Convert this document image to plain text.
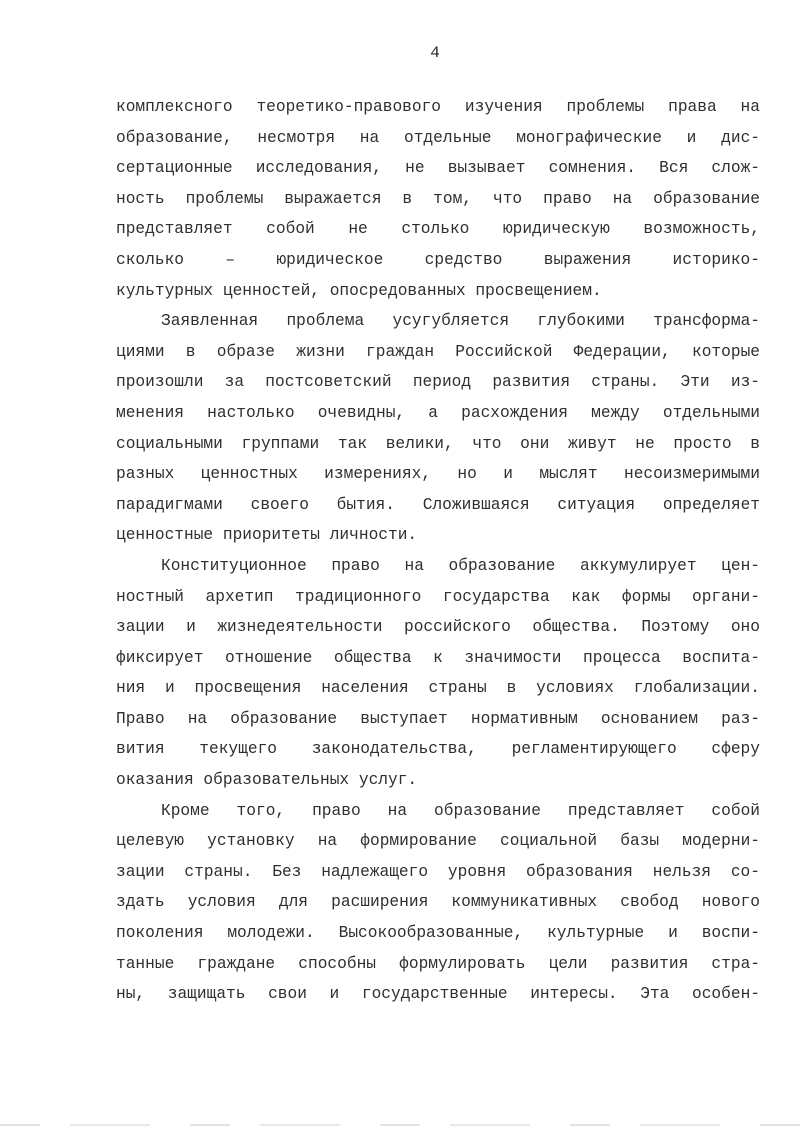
4
комплексного теоретико-правового изучения проблемы права на
образование, несмотря на отдельные монографические и дис-
сертационные исследования, не вызывает сомнения. Вся слож-
ность проблемы выражается в том, что право на образование
представляет собой не столько юридическую возможность,
сколько – юридическое средство выражения историко-
культурных ценностей, опосредованных просвещением.
Заявленная проблема усугубляется глубокими трансформа-
циями в образе жизни граждан Российской Федерации, которые
произошли за постсоветский период развития страны. Эти из-
менения настолько очевидны, а расхождения между отдельными
социальными группами так велики, что они живут не просто в
разных ценностных измерениях, но и мыслят несоизмеримыми
парадигмами своего бытия. Сложившаяся ситуация определяет
ценностные приоритеты личности.
Конституционное право на образование аккумулирует цен-
ностный архетип традиционного государства как формы органи-
зации и жизнедеятельности российского общества. Поэтому оно
фиксирует отношение общества к значимости процесса воспита-
ния и просвещения населения страны в условиях глобализации.
Право на образование выступает нормативным основанием раз-
вития текущего законодательства, регламентирующего сферу
оказания образовательных услуг.
Кроме того, право на образование представляет собой
целевую установку на формирование социальной базы модерни-
зации страны. Без надлежащего уровня образования нельзя со-
здать условия для расширения коммуникативных свобод нового
поколения молодежи. Высокообразованные, культурные и воспи-
танные граждане способны формулировать цели развития стра-
ны, защищать свои и государственные интересы. Эта особен-
